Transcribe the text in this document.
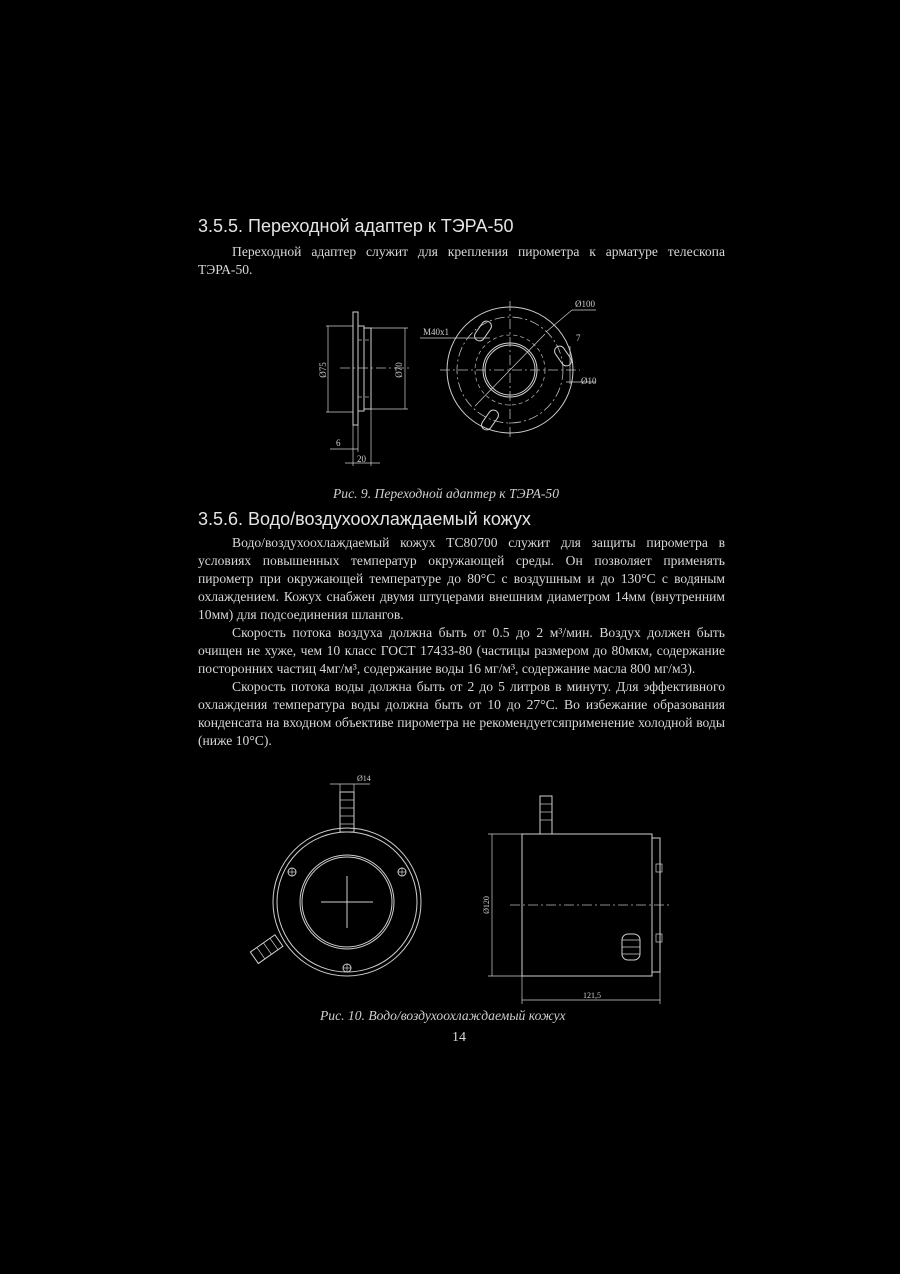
3.5.5. Переходной адаптер к ТЭРА-50

Переходной адаптер служит для крепления пирометра к арматуре телескопа ТЭРА-50.

Ø75	Ø70
6
20
M40x1
Ø100
7
Ø10
Рис. 9. Переходной адаптер к ТЭРА-50
3.5.6. Водо/воздухоохлаждаемый кожух

Водо/воздухоохлаждаемый кожух ТС80700 служит для защиты пирометра в условиях повышенных температур окружающей среды. Он позволяет применять пирометр при окружающей температуре до 80°С с воздушным и до 130°С с водяным охлаждением. Кожух снабжен двумя штуцерами внешним диаметром 14мм (внутренним 10мм) для подсоединения шлангов.

Скорость потока воздуха должна быть от 0.5 до 2 м³/мин. Воздух должен быть очищен не хуже, чем 10 класс ГОСТ 17433-80 (частицы размером до 80мкм, содержание посторонних частиц 4мг/м³, содержание воды 16 мг/м³, содержание масла 800 мг/м3).

Скорость потока воды должна быть от 2 до 5 литров в минуту. Для эффективного охлаждения температура воды должна быть от 10 до 27°С. Во избежание образования конденсата на входном объективе пирометра не рекомендуетсяприменение холодной воды (ниже 10°С).

Ø14
Ø120
121,5
Рис. 10. Водо/воздухоохлаждаемый кожух
14
